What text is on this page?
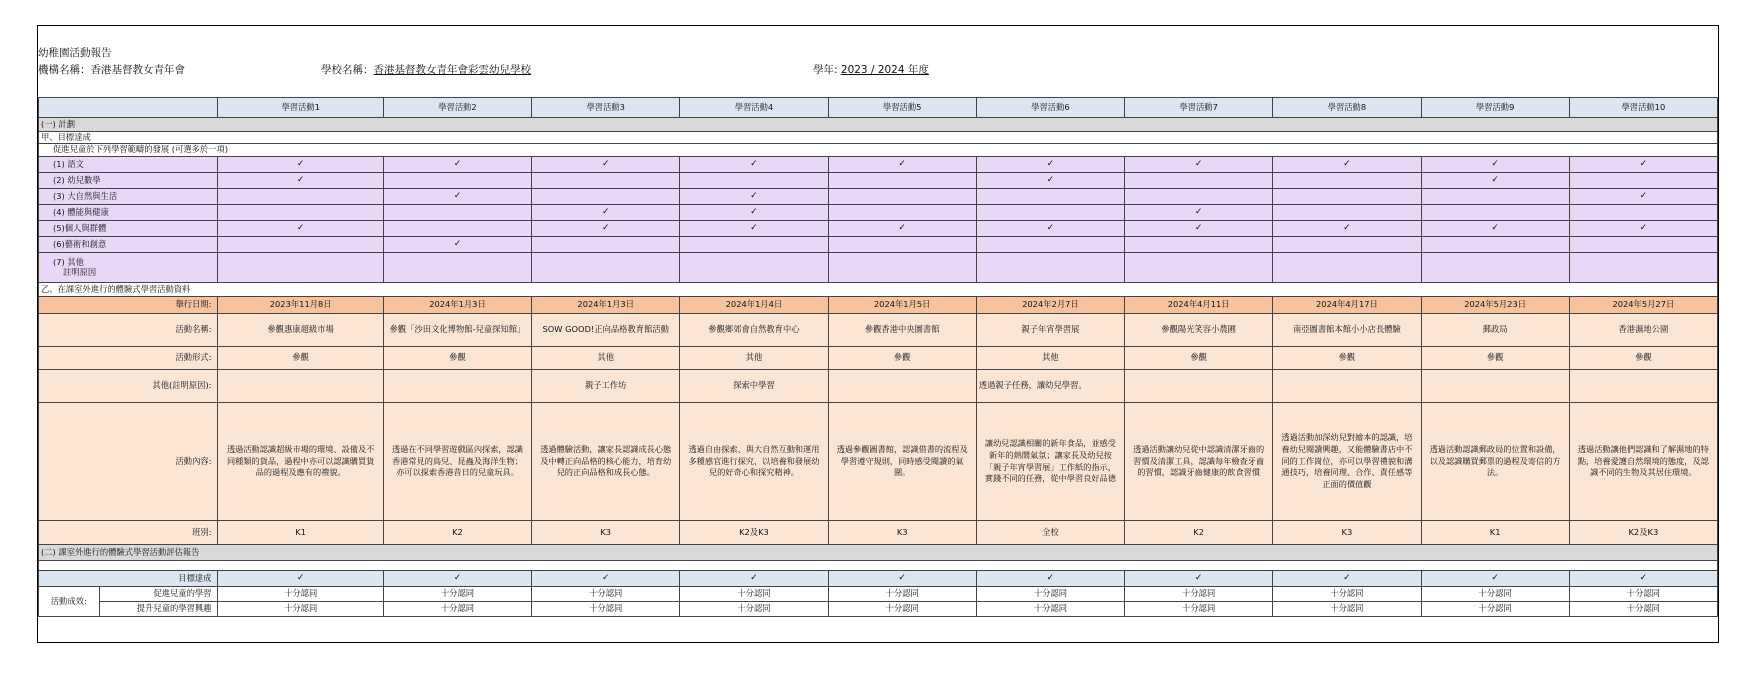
幼稚園活動報告
機構名稱：香港基督教女青年會	學校名稱：香港基督教女青年會彩雲幼兒學校	學年: 2023 / 2024 年度
		學習活動1	學習活動2	學習活動3	學習活動4	學習活動5	學習活動6	學習活動7	學習活動8	學習活動9	學習活動10
(一) 計劃											
甲、目標達成											
促進兒童於下列學習範疇的發展 (可選多於一項)											
(1) 語文		✓	✓	✓	✓	✓	✓	✓	✓	✓	✓
(2) 幼兒數學		✓					✓			✓	
(3) 大自然與生活			✓		✓						✓
(4) 體能與健康				✓	✓			✓			
(5)個人與群體		✓		✓	✓	✓	✓	✓	✓	✓	✓
(6)藝術和創意			✓								

(7) 其他
註明原因											

乙、在課室外進行的體驗式學習活動資料											
舉行日期:		2023年11月8日	2024年1月3日	2024年1月3日	2024年1月4日	2024年1月5日	2024年2月7日	2024年4月11日	2024年4月17日	2024年5月23日	2024年5月27日
活動名稱:		參觀惠康超級市場	參觀「沙田文化博物館-兒童探知館」	SOW GOOD!正向品格教育館活動	參觀鄉郊會自然教育中心	參觀香港中央圖書館	親子年宵學習展	參觀陽光笑容小農圃	南亞圖書館本館小小店長體驗	郵政局	香港濕地公園
活動形式:		參觀	參觀	其他	其他	參觀	其他	參觀	參觀	參觀	參觀
其他(註明原因):				親子工作坊	探索中學習		透過親子任務，讓幼兒學習。				
活動內容:		透過活動認識超級市場的環境、設備及不同種類的貨品，過程中亦可以認識購買貨品的過程及應有的禮貌。	透過在不同學習遊戲區內探索，認識香港常見的鳥兒、昆蟲及海洋生物；亦可以探索香港昔日的兒童玩具。	透過體驗活動，讓家長認識成長心態及中轉正向品格的核心能力，培育幼兒的正向品格和成長心態。	透過自由探索、與大自然互動和運用多種感官進行探究，以培養和發展幼兒的好奇心和探究精神。	透過參觀圖書館，認識借書的流程及學習遵守規則，同時感受閱讀的氣圍。	讓幼兒認識相關的新年食品，並感受新年的熱鬧氣氛；讓家長及幼兒按「親子年宵學習展」工作紙的指示，實踐不同的任務，從中學習良好品德	透過活動讓幼兒從中認識清潔牙齒的習慣及清潔工具，認識每年檢查牙齒的習慣，認識牙齒健康的飲食習慣	透過活動加深幼兒對繪本的認識，培養幼兒閱讀興趣，又能體驗書店中不同的工作崗位，亦可以學習禮貌和溝通技巧，培養同理、合作、責任感等正面的價值觀	透過活動認識郵政局的位置和設備，以及認識購買郵票的過程及寄信的方法。	透過活動讓他們認識和了解濕地的特點，培養愛護自然環境的態度，及認識不同的生物及其居住環境。
班別:		K1	K2	K3	K2及K3	K3	全校	K2	K3	K1	K2及K3
(二) 課室外進行的體驗式學習活動評估報告											

目標達成		✓	✓	✓	✓	✓	✓	✓	✓	✓	✓
活動成效:	促進兒童的學習	十分認同	十分認同	十分認同	十分認同	十分認同	十分認同	十分認同	十分認同	十分認同	十分認同
	提升兒童的學習興趣	十分認同	十分認同	十分認同	十分認同	十分認同	十分認同	十分認同	十分認同	十分認同	十分認同
